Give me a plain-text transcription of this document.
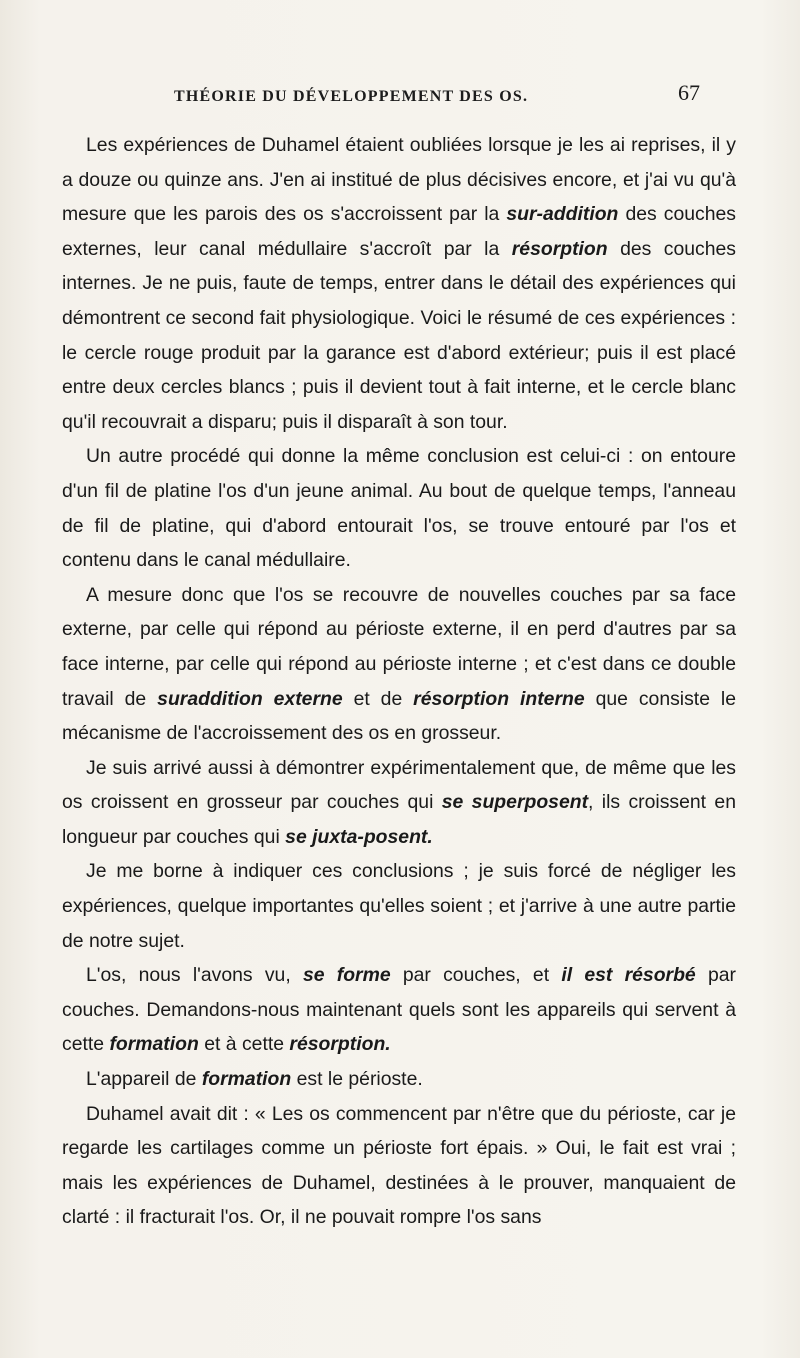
THÉORIE DU DÉVELOPPEMENT DES OS.	67

Les expériences de Duhamel étaient oubliées lorsque je les ai reprises, il y a douze ou quinze ans. J'en ai institué de plus décisives encore, et j'ai vu qu'à mesure que les parois des os s'accroissent par la sur-addition des couches externes, leur canal médullaire s'accroît par la résorption des couches internes. Je ne puis, faute de temps, entrer dans le détail des expériences qui démontrent ce second fait physiologique. Voici le résumé de ces expériences : le cercle rouge produit par la garance est d'abord extérieur; puis il est placé entre deux cercles blancs ; puis il devient tout à fait interne, et le cercle blanc qu'il recouvrait a disparu; puis il disparaît à son tour.

Un autre procédé qui donne la même conclusion est celui-ci : on entoure d'un fil de platine l'os d'un jeune animal. Au bout de quelque temps, l'anneau de fil de platine, qui d'abord entourait l'os, se trouve entouré par l'os et contenu dans le canal médullaire.

A mesure donc que l'os se recouvre de nouvelles couches par sa face externe, par celle qui répond au périoste externe, il en perd d'autres par sa face interne, par celle qui répond au périoste interne ; et c'est dans ce double travail de suraddition externe et de résorption interne que consiste le mécanisme de l'accroissement des os en grosseur.

Je suis arrivé aussi à démontrer expérimentalement que, de même que les os croissent en grosseur par couches qui se superposent, ils croissent en longueur par couches qui se juxta-posent.

Je me borne à indiquer ces conclusions ; je suis forcé de négliger les expériences, quelque importantes qu'elles soient ; et j'arrive à une autre partie de notre sujet.

L'os, nous l'avons vu, se forme par couches, et il est résorbé par couches. Demandons-nous maintenant quels sont les appareils qui servent à cette formation et à cette résorption.

L'appareil de formation est le périoste.

Duhamel avait dit : « Les os commencent par n'être que du périoste, car je regarde les cartilages comme un périoste fort épais. » Oui, le fait est vrai ; mais les expériences de Duhamel, destinées à le prouver, manquaient de clarté : il fracturait l'os. Or, il ne pouvait rompre l'os sans
